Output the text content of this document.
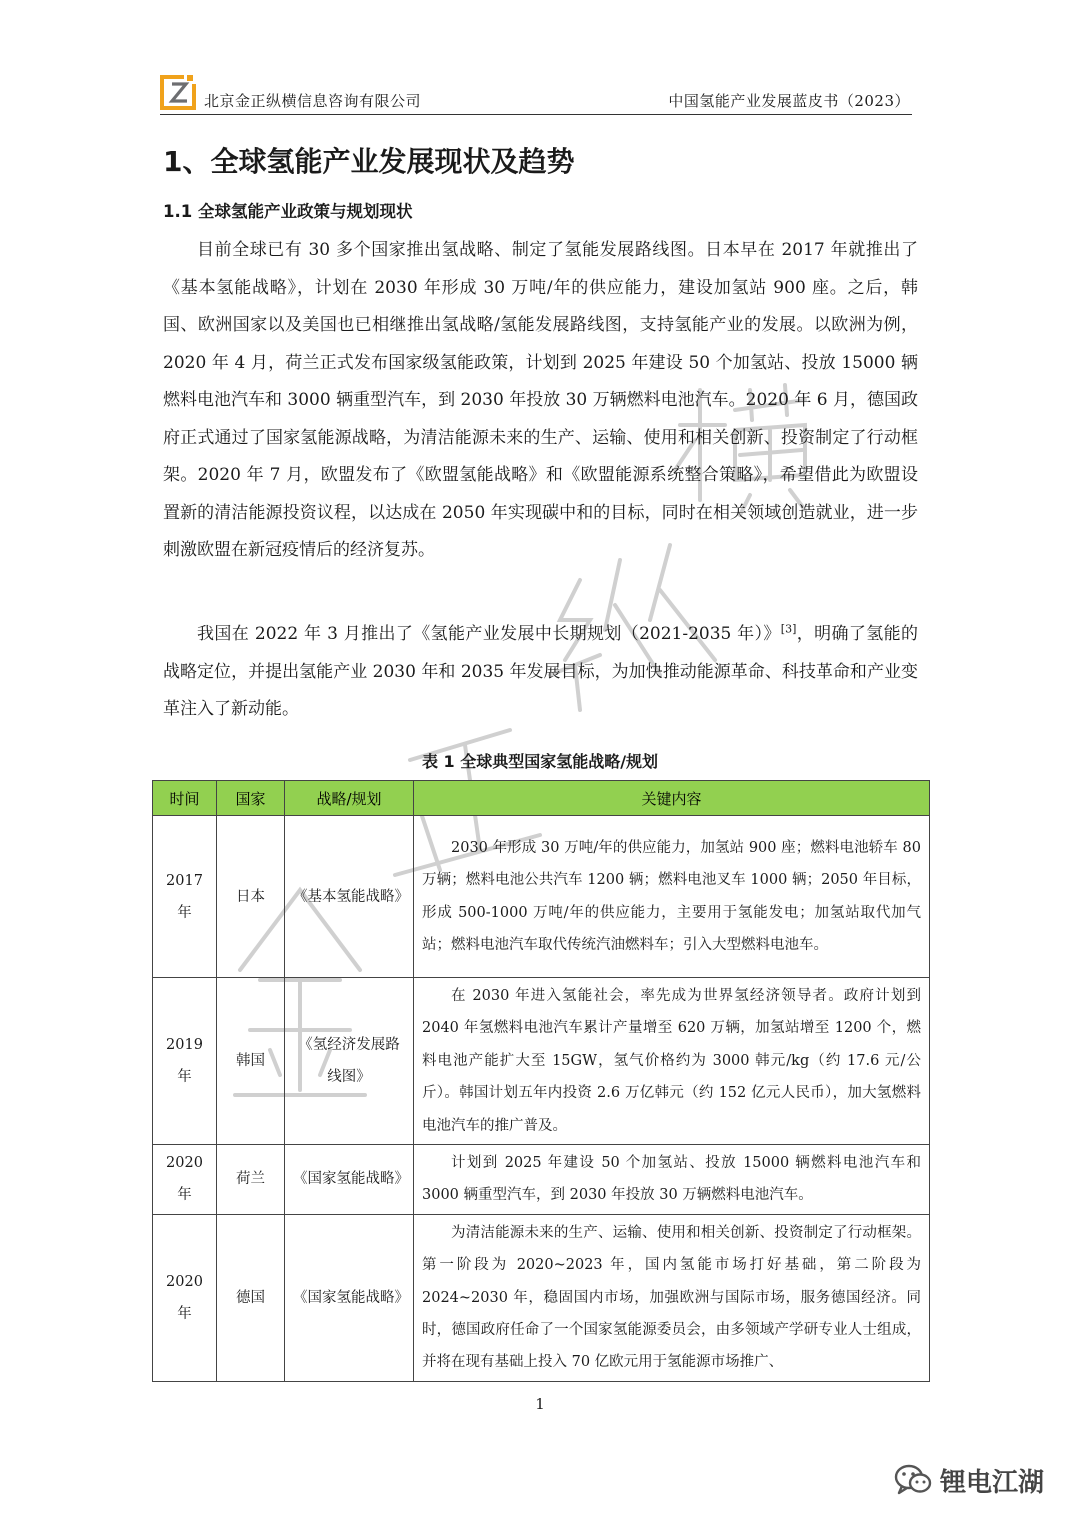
北京金正纵横信息咨询有限公司	中国氢能产业发展蓝皮书（2023）
1、全球氢能产业发展现状及趋势
1.1 全球氢能产业政策与规划现状

目前全球已有 30 多个国家推出氢战略、制定了氢能发展路线图。日本早在 2017 年就推出了《基本氢能战略》，计划在 2030 年形成 30 万吨/年的供应能力，建设加氢站 900 座。之后，韩国、欧洲国家以及美国也已相继推出氢战略/氢能发展路线图，支持氢能产业的发展。以欧洲为例，2020 年 4 月，荷兰正式发布国家级氢能政策，计划到 2025 年建设 50 个加氢站、投放 15000 辆燃料电池汽车和 3000 辆重型汽车，到 2030 年投放 30 万辆燃料电池汽车。2020 年 6 月，德国政府正式通过了国家氢能源战略，为清洁能源未来的生产、运输、使用和相关创新、投资制定了行动框架。2020 年 7 月，欧盟发布了《欧盟氢能战略》和《欧盟能源系统整合策略》，希望借此为欧盟设置新的清洁能源投资议程，以达成在 2050 年实现碳中和的目标，同时在相关领域创造就业，进一步刺激欧盟在新冠疫情后的经济复苏。

我国在 2022 年 3 月推出了《氢能产业发展中长期规划（2021-2035 年）》[3]，明确了氢能的战略定位，并提出氢能产业 2030 年和 2035 年发展目标，为加快推动能源革命、科技革命和产业变革注入了新动能。

表 1 全球典型国家氢能战略/规划
时间	国家	战略/规划	关键内容
2017年	日本	《基本氢能战略》	2030 年形成 30 万吨/年的供应能力，加氢站 900 座；燃料电池轿车 80 万辆；燃料电池公共汽车 1200 辆；燃料电池叉车 1000 辆；2050 年目标，形成 500-1000 万吨/年的供应能力，主要用于氢能发电；加氢站取代加气站；燃料电池汽车取代传统汽油燃料车；引入大型燃料电池车。

2019年	韩国	《氢经济发展路线图》	在 2030 年进入氢能社会，率先成为世界氢经济领导者。政府计划到 2040 年氢燃料电池汽车累计产量增至 620 万辆，加氢站增至 1200 个，燃料电池产能扩大至 15GW，氢气价格约为 3000 韩元/kg（约 17.6 元/公斤）。韩国计划五年内投资 2.6 万亿韩元（约 152 亿元人民币），加大氢燃料电池汽车的推广普及。

2020年	荷兰	《国家氢能战略》	计划到 2025 年建设 50 个加氢站、投放 15000 辆燃料电池汽车和 3000 辆重型汽车，到 2030 年投放 30 万辆燃料电池汽车。

2020年	德国	《国家氢能战略》	为清洁能源未来的生产、运输、使用和相关创新、投资制定了行动框架。第一阶段为 2020~2023 年，国内氢能市场打好基础，第二阶段为 2024~2030 年，稳固国内市场，加强欧洲与国际市场，服务德国经济。同时，德国政府任命了一个国家氢能源委员会，由多领域产学研专业人士组成，并将在现有基础上投入 70 亿欧元用于氢能源市场推广、

1
锂电江湖
